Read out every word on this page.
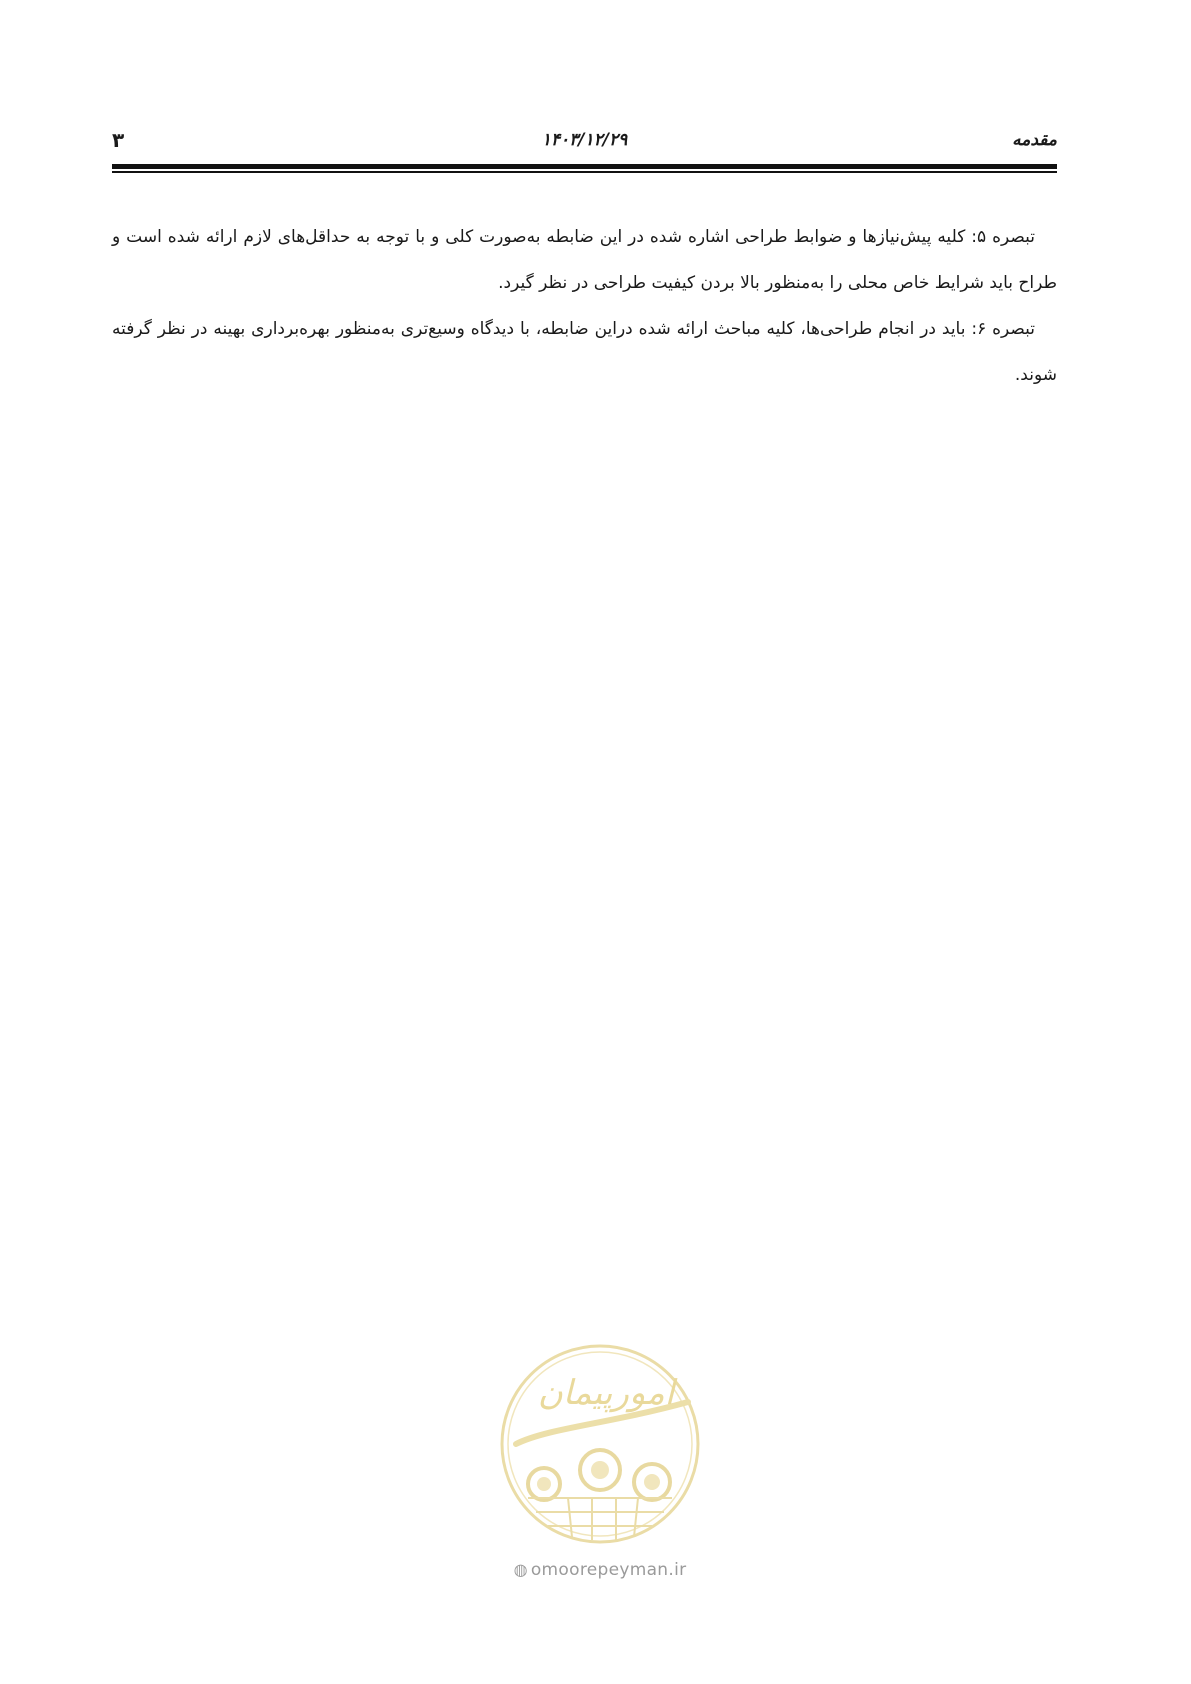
۳	۱۴۰۳/۱۲/۲۹	مقدمه

تبصره ۵: کلیه پیش‌نیازها و ضوابط طراحی اشاره شده در این ضابطه به‌صورت کلی و با توجه به حداقل‌های لازم ارائه شده است و طراح باید شرایط خاص محلی را به‌منظور بالا بردن کیفیت طراحی در نظر گیرد.

تبصره ۶: باید در انجام طراحی‌ها، کلیه مباحث ارائه شده دراین ضابطه، با دیدگاه وسیع‌تری به‌منظور بهره‌برداری بهینه در نظر گرفته شوند.

امورپیمان
◍ omoorepeyman.ir
